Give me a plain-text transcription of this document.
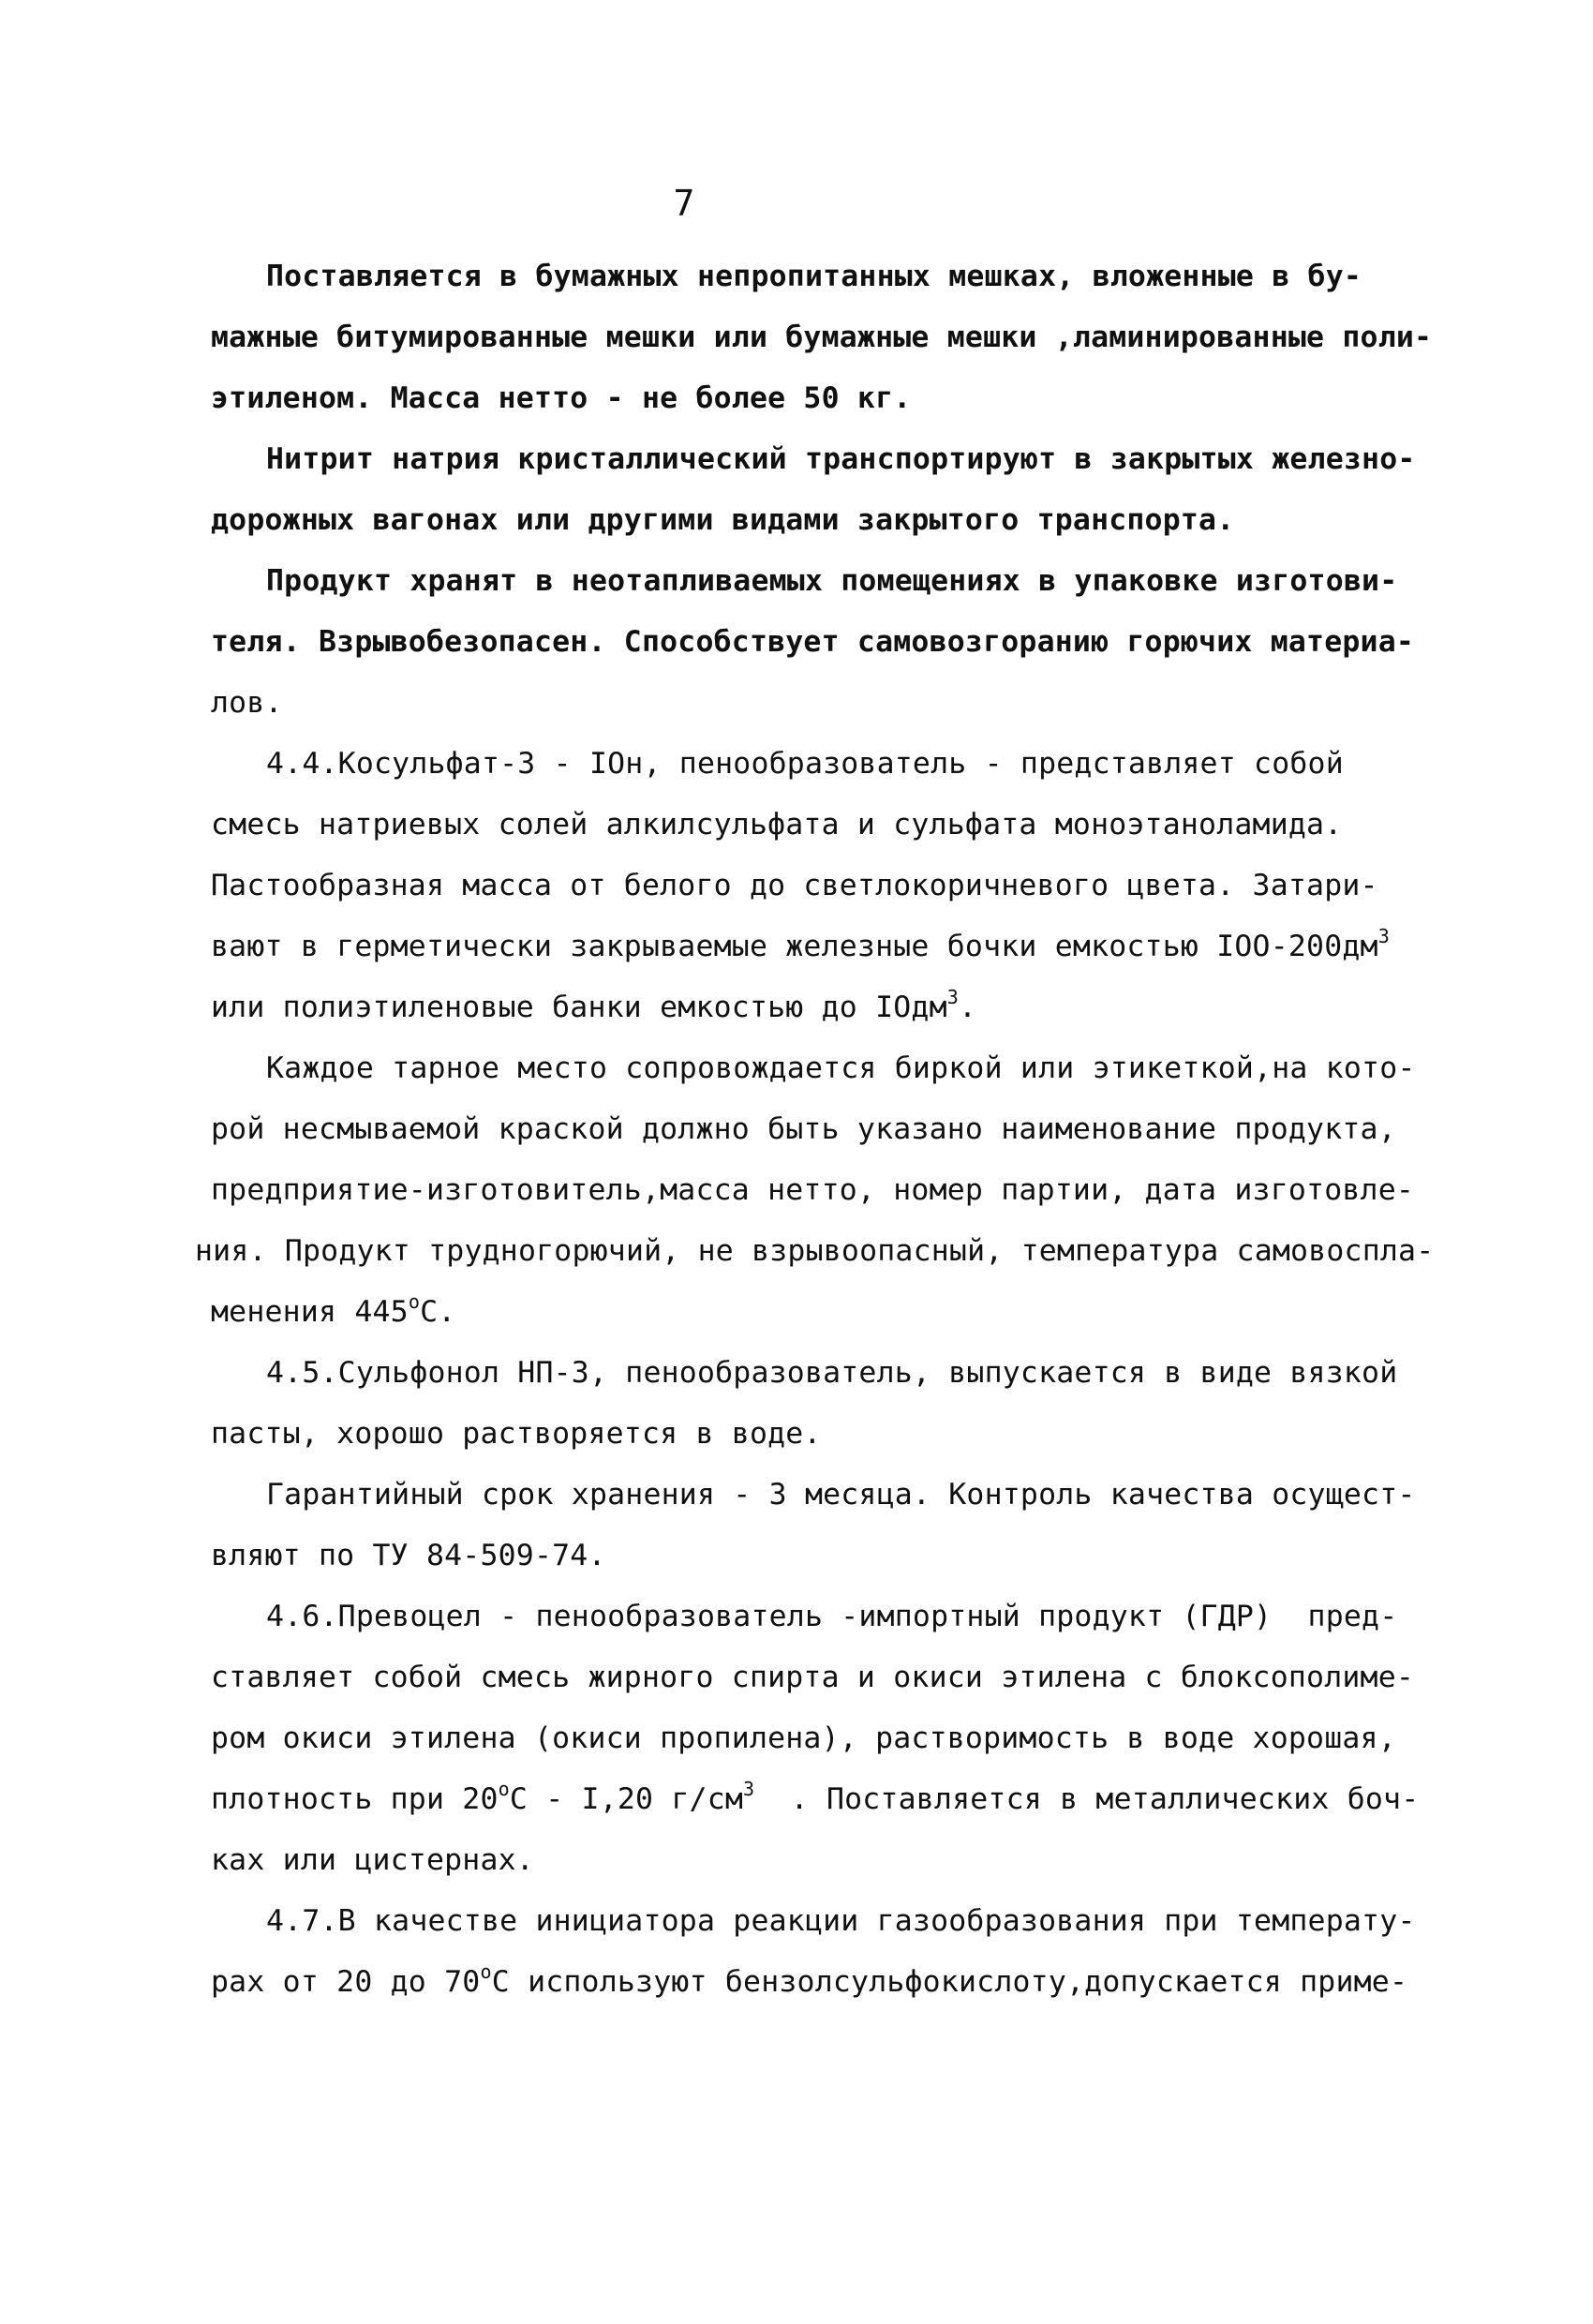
7
Поставляется в бумажных непропитанных мешках, вложенные в бу-
мажные битумированные мешки или бумажные мешки ,ламинированные поли-
этиленом. Масса нетто - не более 50 кг.
Нитрит натрия кристаллический транспортируют в закрытых железно-
дорожных вагонах или другими видами закрытого транспорта.
Продукт хранят в неотапливаемых помещениях в упаковке изготови-
теля. Взрывобезопасен. Способствует самовозгоранию горючих материа-
лов.
4.4.Косульфат-3 - IOн, пенообразователь - представляет собой
смесь натриевых солей алкилсульфата и сульфата моноэтаноламида.
Пастообразная масса от белого до светлокоричневого цвета. Затари-
вают в герметически закрываемые железные бочки емкостью IOO-$200дм^3$
или полиэтиленовые банки емкостью до IOдм$^3$.
Каждое тарное место сопровождается биркой или этикеткой,на кото-
рой несмываемой краской должно быть указано наименование продукта,
предприятие-изготовитель,масса нетто, номер партии, дата изготовле-
ния. Продукт трудногорючий, не взрывоопасный, температура самовоспла-
менения 445$^o$С.
4.5.Сульфонол НП-3, пенообразователь, выпускается в виде вязкой
пасты, хорошо растворяется в воде.
Гарантийный срок хранения - 3 месяца. Контроль качества осущест-
вляют по ТУ 84-509-74.
4.6.Превоцел - пенообразователь -импортный продукт (ГДР)  пред-
ставляет собой смесь жирного спирта и окиси этилена с блоксополиме-
ром окиси этилена (окиси пропилена), растворимость в воде хорошая,
плотность при 20$^o$С - I,20 $г/см^3$  . Поставляется в металлических боч-
ках или цистернах.
4.7.В качестве инициатора реакции газообразования при температу-
рах от 20 до 70$^o$С используют бензолсульфокислоту,допускается приме-
